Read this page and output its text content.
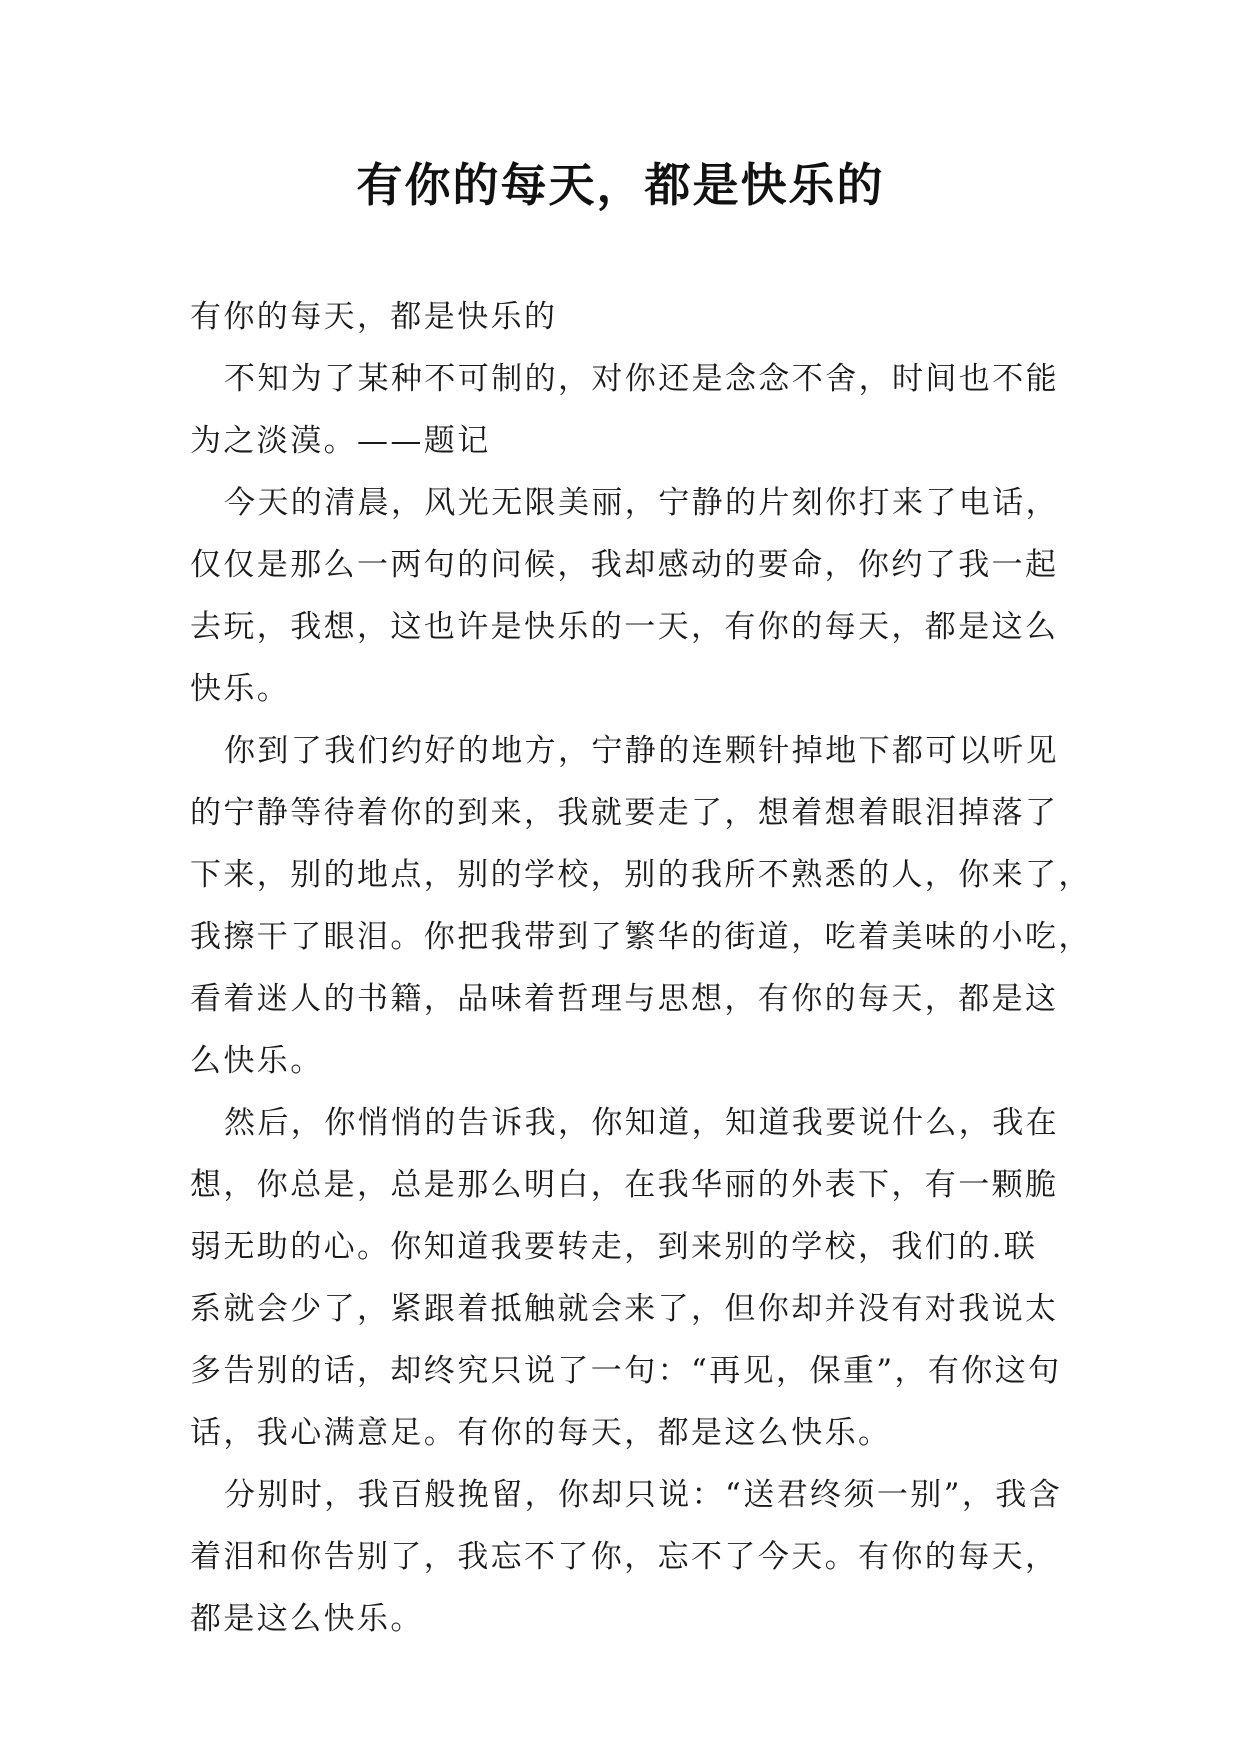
有你的每天，都是快乐的
有你的每天，都是快乐的
不知为了某种不可制的，对你还是念念不舍，时间也不能
为之淡漠。——题记
今天的清晨，风光无限美丽，宁静的片刻你打来了电话，
仅仅是那么一两句的问候，我却感动的要命，你约了我一起
去玩，我想，这也许是快乐的一天，有你的每天，都是这么
快乐。
你到了我们约好的地方，宁静的连颗针掉地下都可以听见
的宁静等待着你的到来，我就要走了，想着想着眼泪掉落了
下来，别的地点，别的学校，别的我所不熟悉的人，你来了，
我擦干了眼泪。你把我带到了繁华的街道，吃着美味的小吃，
看着迷人的书籍，品味着哲理与思想，有你的每天，都是这
么快乐。
然后，你悄悄的告诉我，你知道，知道我要说什么，我在
想，你总是，总是那么明白，在我华丽的外表下，有一颗脆
弱无助的心。你知道我要转走，到来别的学校，我们的.联
系就会少了，紧跟着抵触就会来了，但你却并没有对我说太
多告别的话，却终究只说了一句：“再见，保重”，有你这句
话，我心满意足。有你的每天，都是这么快乐。
分别时，我百般挽留，你却只说：“送君终须一别”，我含
着泪和你告别了，我忘不了你，忘不了今天。有你的每天，
都是这么快乐。
